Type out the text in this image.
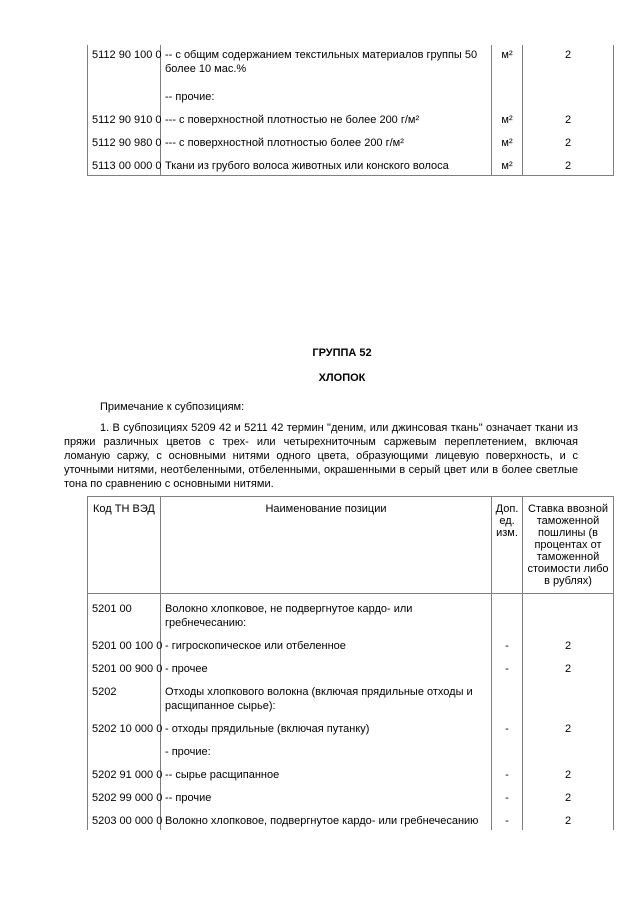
5112 90 100 0	-- с общим содержанием текстильных материалов группы 50 более 10 мас.%	м²	2
	-- прочие:		
5112 90 910 0	--- с поверхностной плотностью не более 200 г/м²	м²	2
5112 90 980 0	--- с поверхностной плотностью более 200 г/м²	м²	2
5113 00 000 0	Ткани из грубого волоса животных или конского волоса	м²	2
ГРУППА 52
ХЛОПОК
Примечание к субпозициям:
1. В субпозициях 5209 42 и 5211 42 термин "деним, или джинсовая ткань" означает ткани из пряжи различных цветов с трех- или четырехниточным саржевым переплетением, включая ломаную саржу, с основными нитями одного цвета, образующими лицевую поверхность, и с уточными нитями, неотбеленными, отбеленными, окрашенными в серый цвет или в более светлые тона по сравнению с основными нитями.
Код ТН ВЭД	Наименование позиции	Доп. ед. изм.	Ставка ввозной таможенной пошлины (в процентах от таможенной стоимости либо в рублях)
5201 00	Волокно хлопковое, не подвергнутое кардо- или гребнечесанию:		
5201 00 100 0	- гигроскопическое или отбеленное	-	2
5201 00 900 0	- прочее	-	2
5202	Отходы хлопкового волокна (включая прядильные отходы и расщипанное сырье):		
5202 10 000 0	- отходы прядильные (включая путанку)	-	2
	- прочие:		
5202 91 000 0	-- сырье расщипанное	-	2
5202 99 000 0	-- прочие	-	2
5203 00 000 0	Волокно хлопковое, подвергнутое кардо- или гребнечесанию	-	2
